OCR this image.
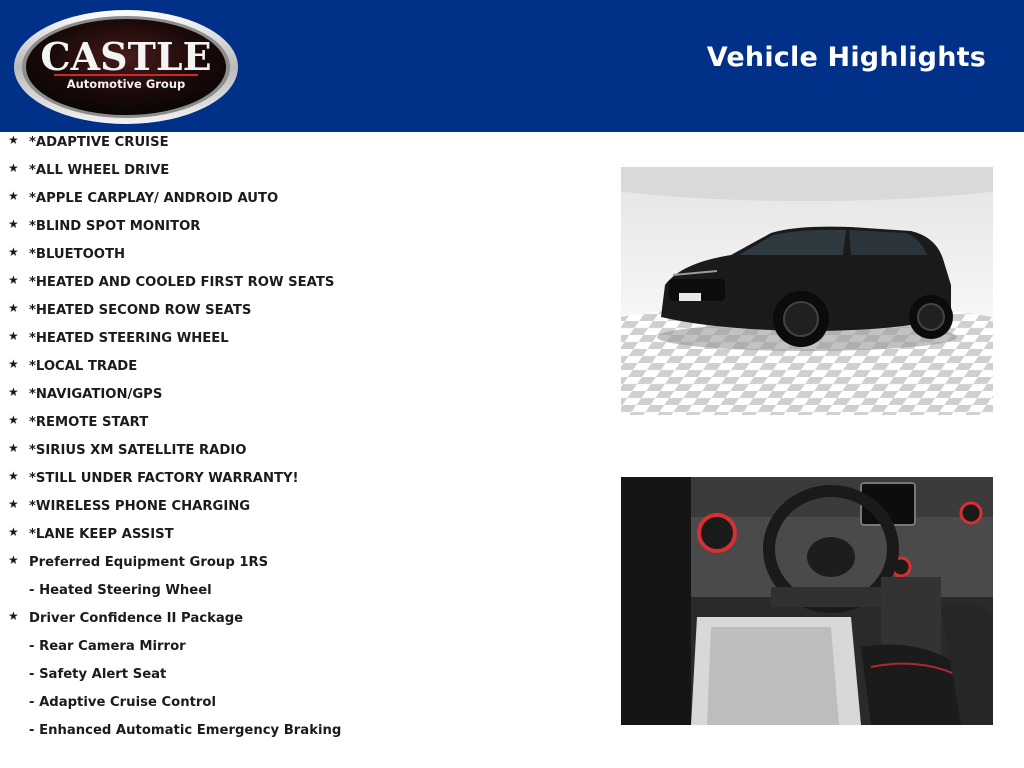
CASTLE
Automotive Group
Vehicle Highlights
★ *ADAPTIVE CRUISE
★ *ALL WHEEL DRIVE
★ *APPLE CARPLAY/ ANDROID AUTO
★ *BLIND SPOT MONITOR
★ *BLUETOOTH
★ *HEATED AND COOLED FIRST ROW SEATS
★ *HEATED SECOND ROW SEATS
★ *HEATED STEERING WHEEL
★ *LOCAL TRADE
★ *NAVIGATION/GPS
★ *REMOTE START
★ *SIRIUS XM SATELLITE RADIO
★ *STILL UNDER FACTORY WARRANTY!
★ *WIRELESS PHONE CHARGING
★ *LANE KEEP ASSIST
★ Preferred Equipment Group 1RS
- Heated Steering Wheel
★ Driver Confidence II Package
- Rear Camera Mirror
- Safety Alert Seat
- Adaptive Cruise Control
- Enhanced Automatic Emergency Braking
